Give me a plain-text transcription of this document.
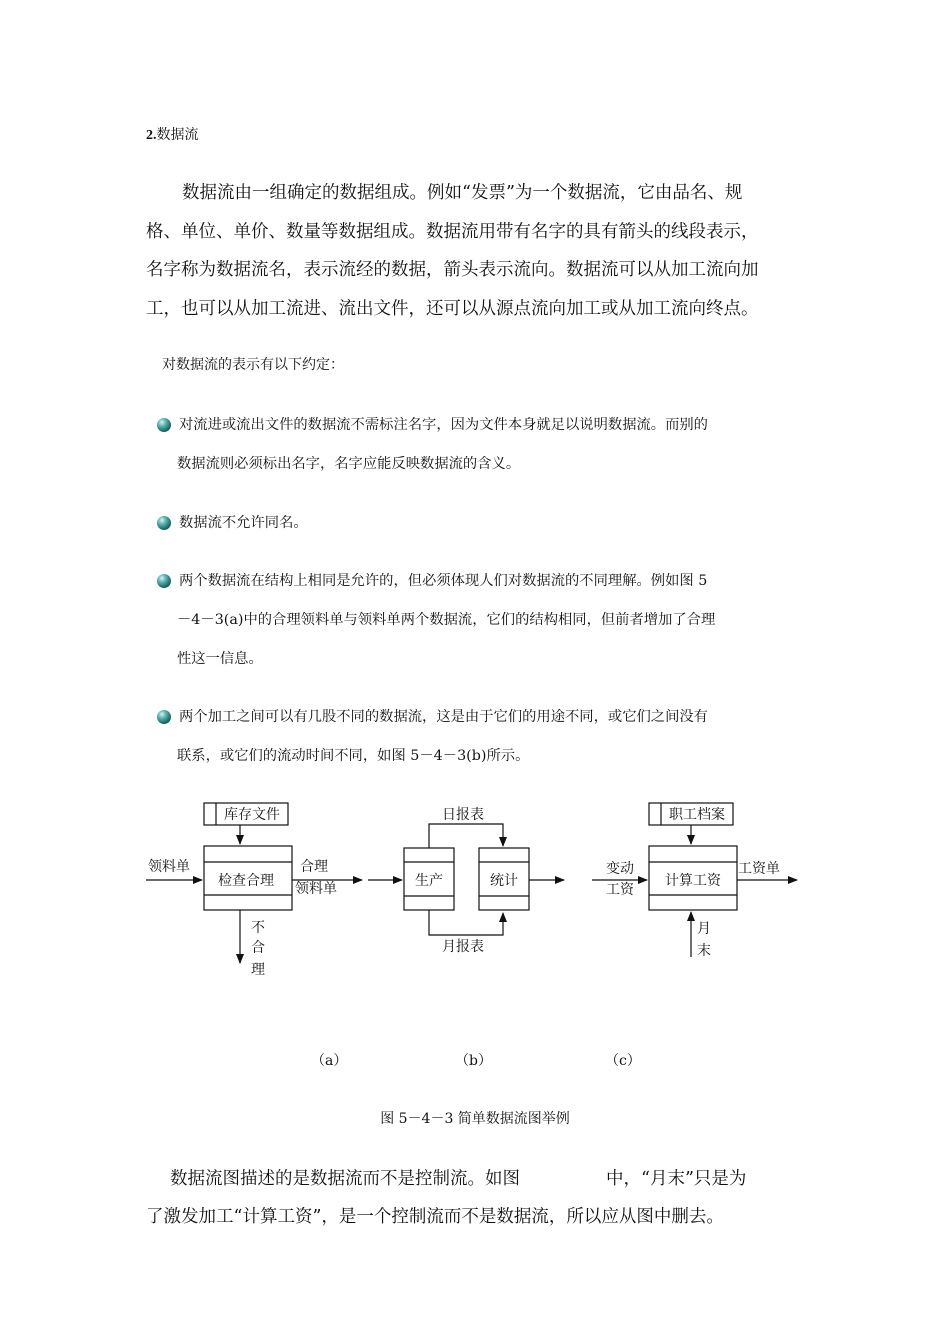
2.数据流

数据流由一组确定的数据组成。例如“发票”为一个数据流，它由品名、规

格、单位、单价、数量等数据组成。数据流用带有名字的具有箭头的线段表示，

名字称为数据流名，表示流经的数据，箭头表示流向。数据流可以从加工流向加

工，也可以从加工流进、流出文件，还可以从源点流向加工或从加工流向终点。

对数据流的表示有以下约定：
对流进或流出文件的数据流不需标注名字，因为文件本身就足以说明数据流。而别的
数据流则必须标出名字，名字应能反映数据流的含义。
数据流不允许同名。
两个数据流在结构上相同是允许的，但必须体现人们对数据流的不同理解。例如图 5
－4－3(a)中的合理领料单与领料单两个数据流，它们的结构相同，但前者增加了合理
性这一信息。
两个加工之间可以有几股不同的数据流，这是由于它们的用途不同，或它们之间没有
联系，或它们的流动时间不同，如图 5－4－3(b)所示。
库存文件
领料单
检查合理
合理
领料单
不
合
理
日报表
生产	统计
月报表
职工档案
变动
工资
计算工资
工资单
月
末
（a）	（b）	（c）
图 5－4－3 简单数据流图举例
数据流图描述的是数据流而不是控制流。如图	中，“月末”只是为
了激发加工“计算工资”，是一个控制流而不是数据流，所以应从图中删去。
